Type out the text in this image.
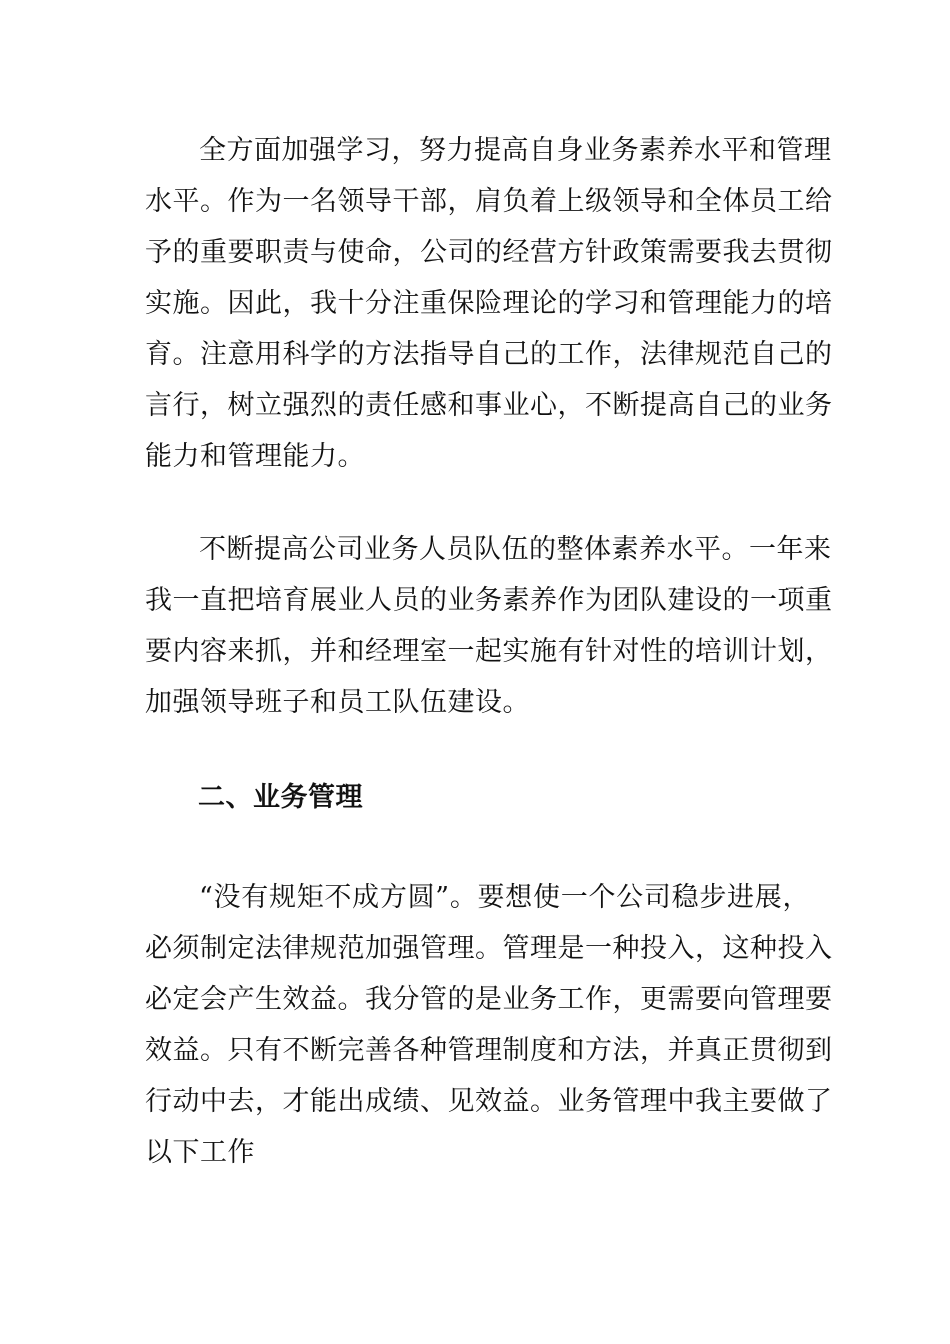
全方面加强学习，努力提高自身业务素养水平和管理
水平。作为一名领导干部，肩负着上级领导和全体员工给
予的重要职责与使命，公司的经营方针政策需要我去贯彻
实施。因此，我十分注重保险理论的学习和管理能力的培
育。注意用科学的方法指导自己的工作，法律规范自己的
言行，树立强烈的责任感和事业心，不断提高自己的业务
能力和管理能力。
不断提高公司业务人员队伍的整体素养水平。一年来
我一直把培育展业人员的业务素养作为团队建设的一项重
要内容来抓，并和经理室一起实施有针对性的培训计划，
加强领导班子和员工队伍建设。
二、业务管理
“没有规矩不成方圆”。要想使一个公司稳步进展，
必须制定法律规范加强管理。管理是一种投入，这种投入
必定会产生效益。我分管的是业务工作，更需要向管理要
效益。只有不断完善各种管理制度和方法，并真正贯彻到
行动中去，才能出成绩、见效益。业务管理中我主要做了
以下工作
